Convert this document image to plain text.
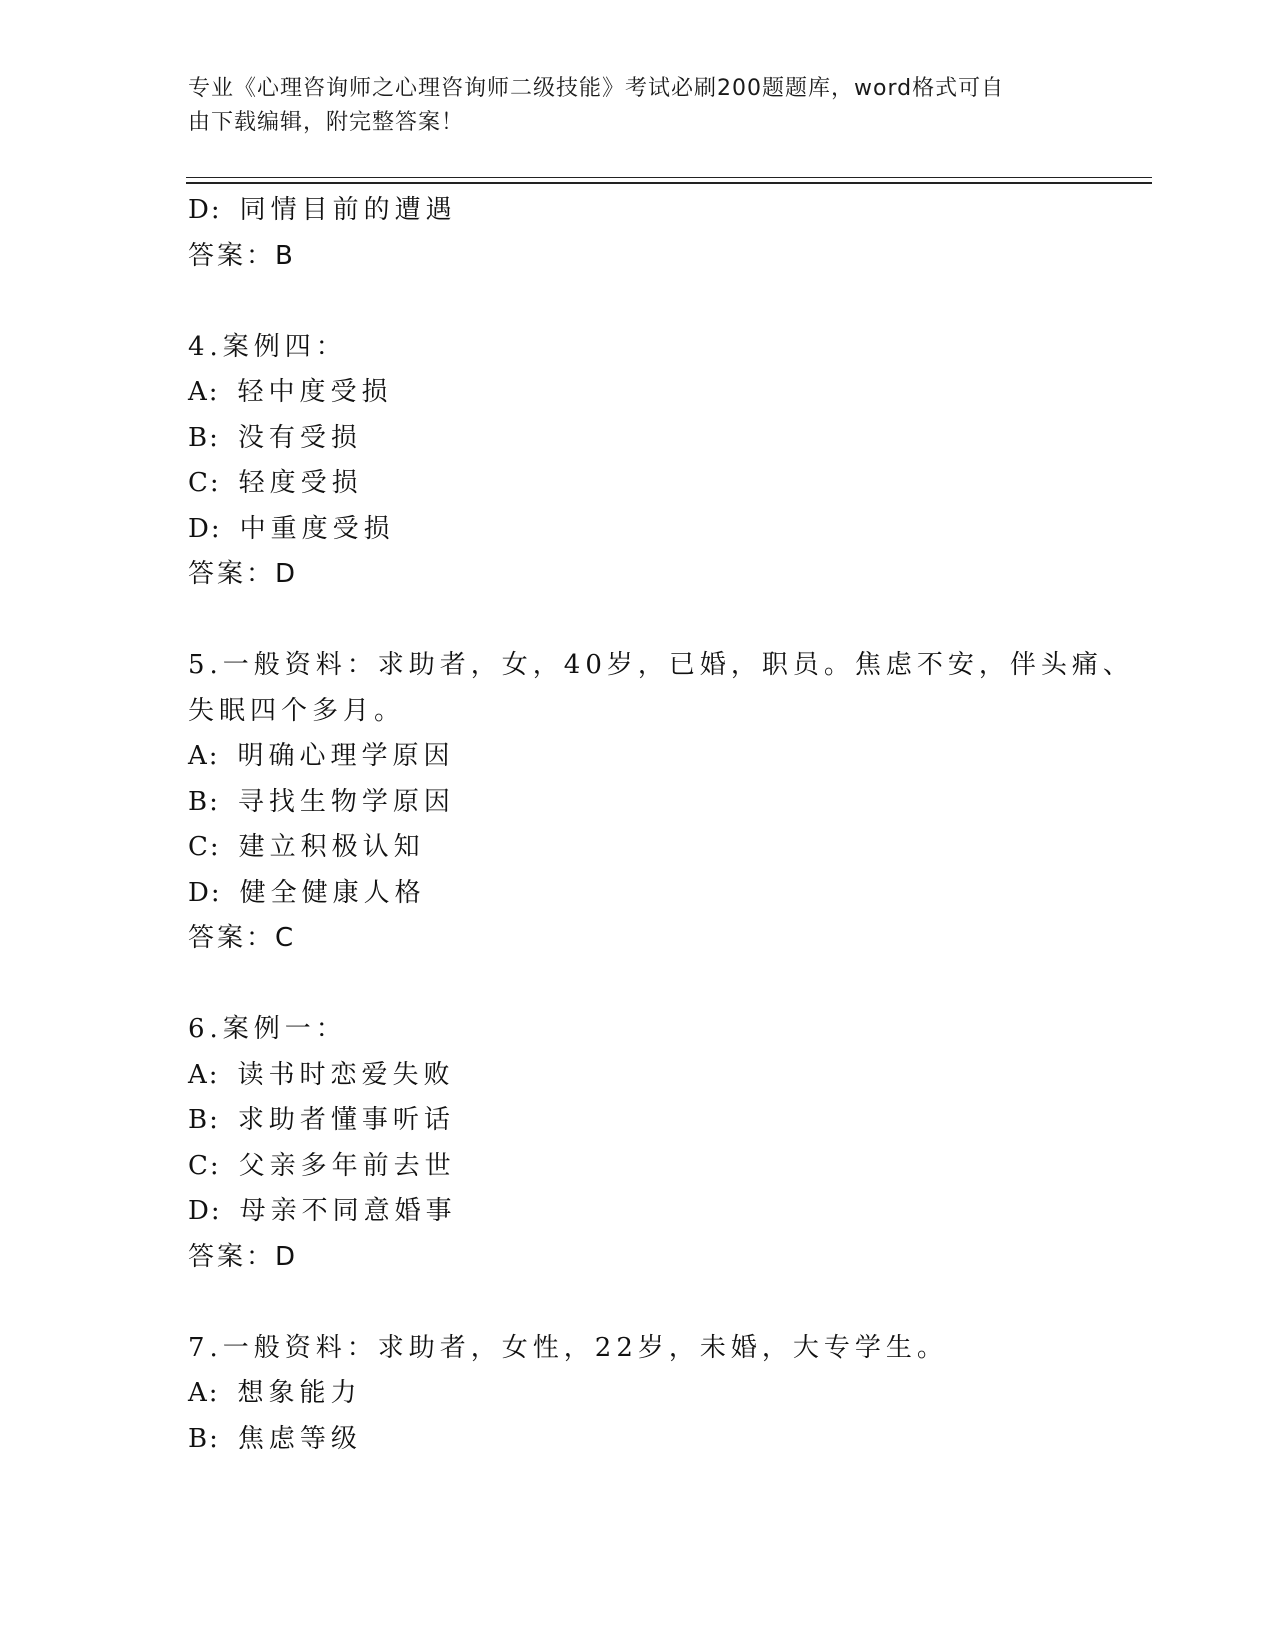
专业《心理咨询师之心理咨询师二级技能》考试必刷200题题库，word格式可自
由下载编辑，附完整答案！
D: 同情目前的遭遇
答案：B
4.案例四：
A: 轻中度受损
B: 没有受损
C: 轻度受损
D: 中重度受损
答案：D
5.一般资料：求助者，女，40岁，已婚，职员。焦虑不安，伴头痛、
失眠四个多月。
A: 明确心理学原因
B: 寻找生物学原因
C: 建立积极认知
D: 健全健康人格
答案：C
6.案例一：
A: 读书时恋爱失败
B: 求助者懂事听话
C: 父亲多年前去世
D: 母亲不同意婚事
答案：D
7.一般资料：求助者，女性，22岁，未婚，大专学生。
A: 想象能力
B: 焦虑等级
